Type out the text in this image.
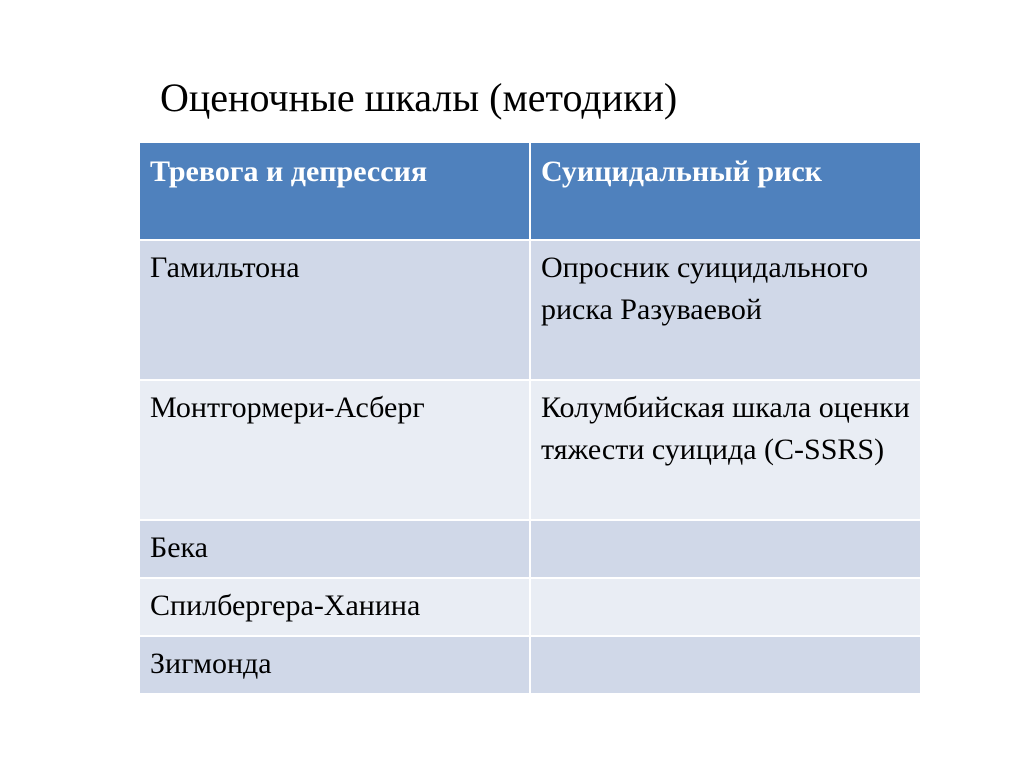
Оценочные шкалы (методики)
Тревога и депрессия	Суицидальный риск
Гамильтона	Опросник суицидального риска Разуваевой
Монтгормери-Асберг	Колумбийская шкала оценки тяжести суицида (C-SSRS)
Бека	
Спилбергера-Ханина	
Зигмонда	
